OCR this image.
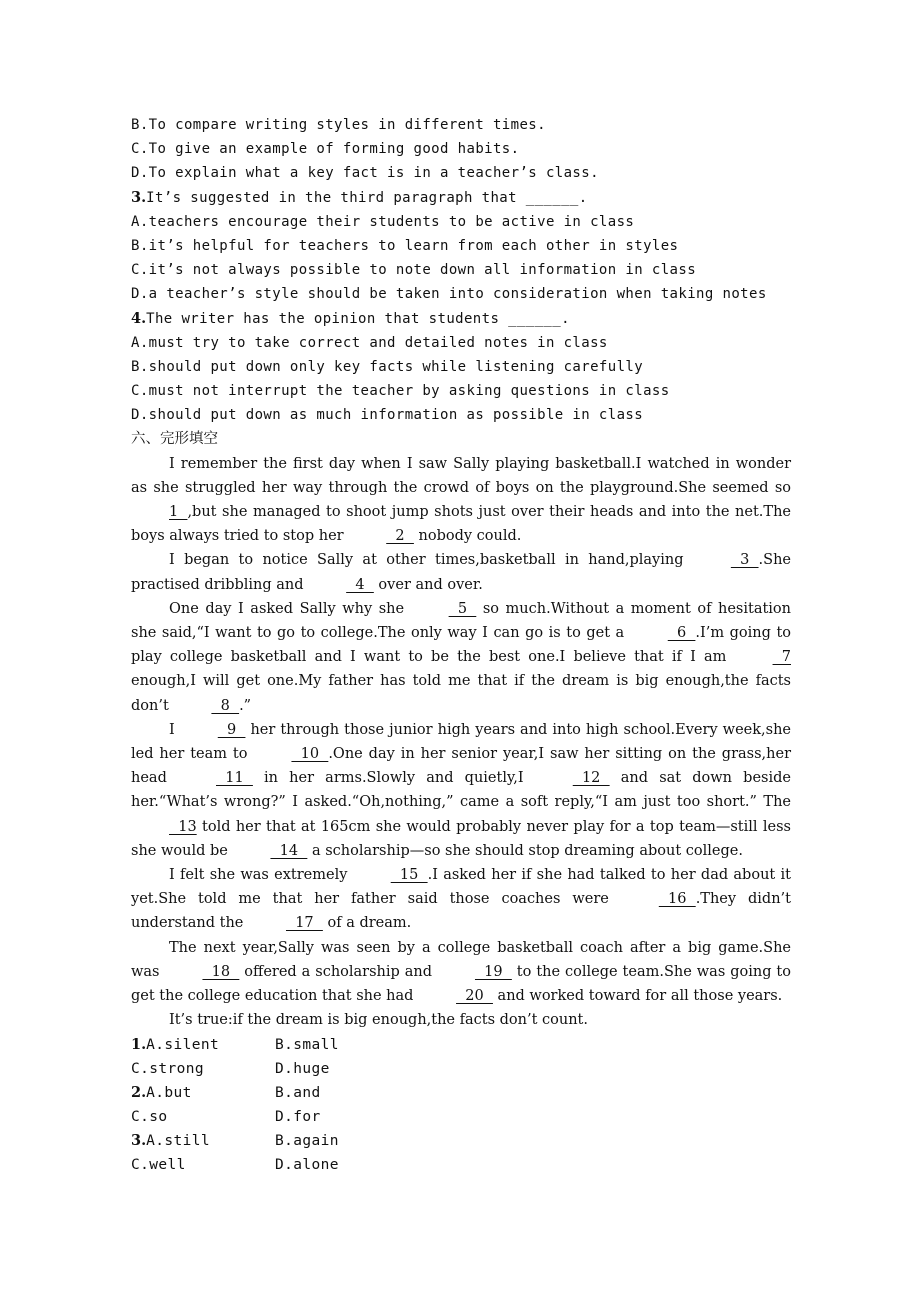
B.To compare writing styles in different times.
C.To give an example of forming good habits.
D.To explain what a key fact is in a teacher’s class.
3.It’s suggested in the third paragraph that ______.
A.teachers encourage their students to be active in class
B.it’s helpful for teachers to learn from each other in styles
C.it’s not always possible to note down all information in class
D.a teacher’s style should be taken into consideration when taking notes
4.The writer has the opinion that students ______.
A.must try to take correct and detailed notes in class
B.should put down only key facts while listening carefully
C.must not interrupt the teacher by asking questions in class
D.should put down as much information as possible in class
六、完形填空

I remember the first day when I saw Sally playing basketball.I watched in wonder as she struggled her way through the crowd of boys on the playground.She seemed so 1  ,but she managed to shoot jump shots just over their heads and into the net.The boys always tried to stop her	2   nobody could.

I began to notice Sally at other times,basketball in hand,playing	3  .She practised dribbling and	4   over and over.

One day I asked Sally why she	5   so much.Without a moment of hesitation she said,“I want to go to college.The only way I can go is to get a	6  .I’m going to play college basketball and I want to be the best one.I believe that if I am	7 enough,I will get one.My father has told me that if the dream is big enough,the facts don’t	8  .”

I	9   her through those junior high years and into high school.Every week,she led her team to	10  .One day in her senior year,I saw her sitting on the grass,her head	11   in her arms.Slowly and quietly,I	12   and sat down beside her.“What’s wrong?” I asked.“Oh,nothing,” came a soft reply,“I am just too short.” The   13 told her that at 165cm she would probably never play for a top team—still less she would be	14   a scholarship—so she should stop dreaming about college.

I felt she was extremely	15  .I asked her if she had talked to her dad about it yet.She told me that her father said those coaches were	16  .They didn’t understand the	17   of a dream.

The next year,Sally was seen by a college basketball coach after a big game.She was	18   offered a scholarship and	19   to the college team.She was going to get the college education that she had	20   and worked toward for all those years.

It’s true:if the dream is big enough,the facts don’t count.

1.A.silent	B.small
C.strong	D.huge
2.A.but	B.and
C.so	D.for
3.A.still	B.again
C.well	D.alone
